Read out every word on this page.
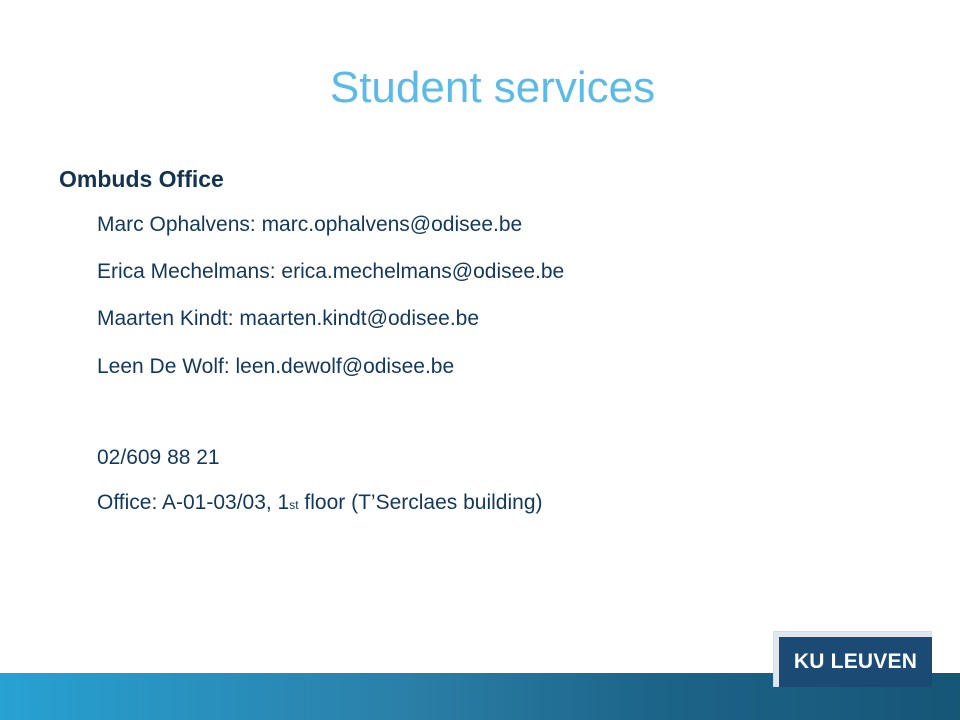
Student services
Ombuds Office
Marc Ophalvens: marc.ophalvens@odisee.be
Erica Mechelmans: erica.mechelmans@odisee.be
Maarten Kindt: maarten.kindt@odisee.be
Leen De Wolf: leen.dewolf@odisee.be
02/609 88 21
Office: A-01-03/03, 1st floor (T’Serclaes building)
KU LEUVEN
